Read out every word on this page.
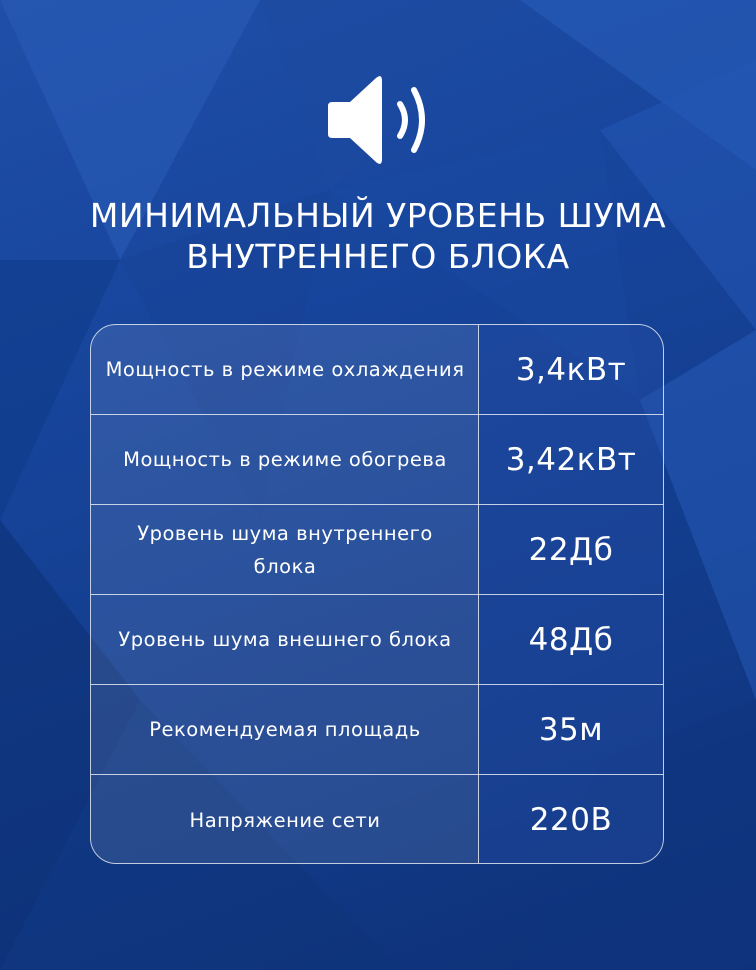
МИНИМАЛЬНЫЙ УРОВЕНЬ ШУМА
ВНУТРЕННЕГО БЛОКА
Мощность в режиме охлаждения	3,4кВт
Мощность в режиме обогрева	3,42кВт
Уровень шума внутреннего блока	22Дб
Уровень шума внешнего блока	48Дб
Рекомендуемая площадь	35м
Напряжение сети	220В
